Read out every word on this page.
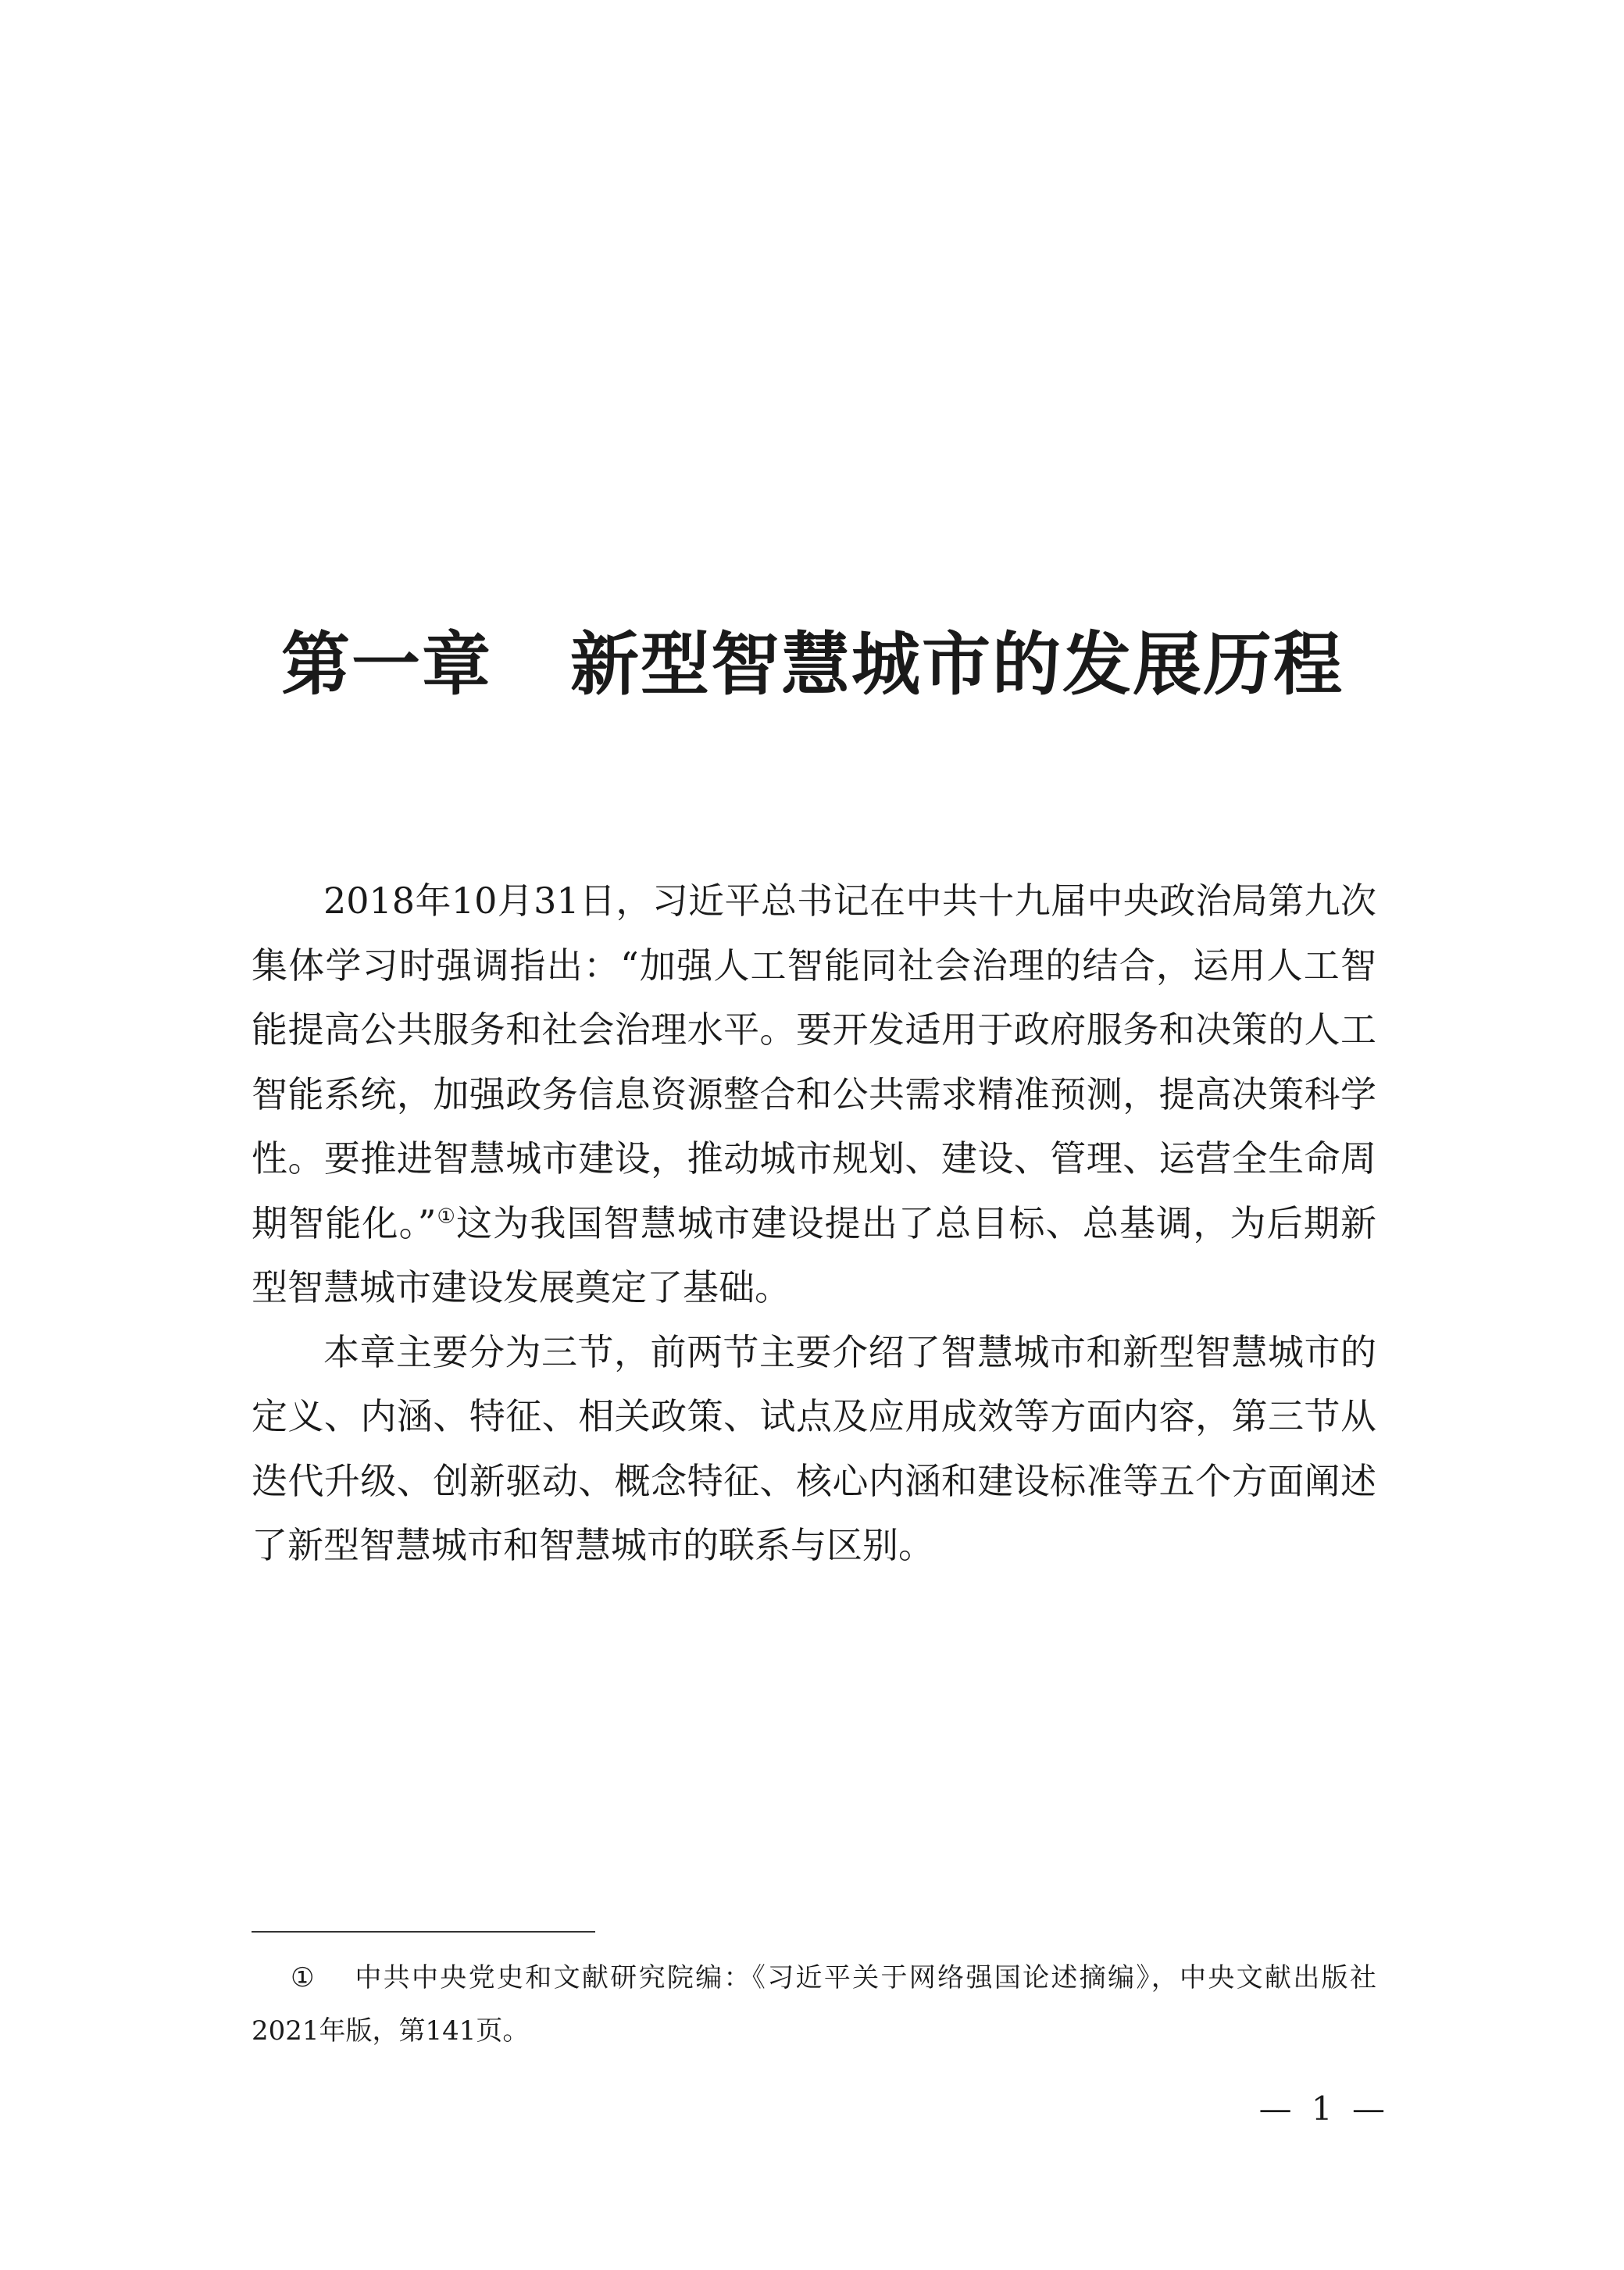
第一章 新型智慧城市的发展历程

2018年10月31日，习近平总书记在中共十九届中央政治局第九次集体学习时强调指出：“加强人工智能同社会治理的结合，运用人工智能提高公共服务和社会治理水平。要开发适用于政府服务和决策的人工智能系统，加强政务信息资源整合和公共需求精准预测，提高决策科学性。要推进智慧城市建设，推动城市规划、建设、管理、运营全生命周期智能化。”①这为我国智慧城市建设提出了总目标、总基调，为后期新型智慧城市建设发展奠定了基础。

本章主要分为三节，前两节主要介绍了智慧城市和新型智慧城市的定义、内涵、特征、相关政策、试点及应用成效等方面内容，第三节从迭代升级、创新驱动、概念特征、核心内涵和建设标准等五个方面阐述了新型智慧城市和智慧城市的联系与区别。

① 中共中央党史和文献研究院编：《习近平关于网络强国论述摘编》，中央文献出版社2021年版，第141页。

— 1 —
